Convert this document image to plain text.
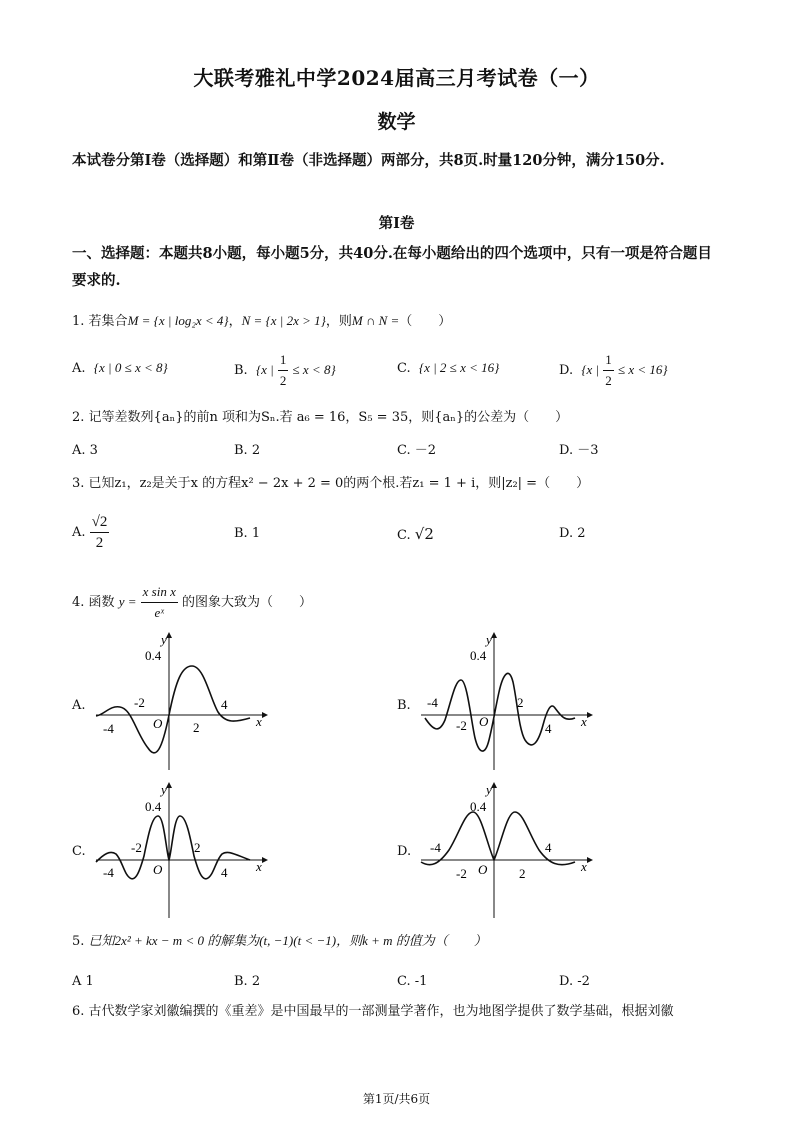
大联考雅礼中学2024届高三月考试卷（一）
数学
本试卷分第Ⅰ卷（选择题）和第Ⅱ卷（非选择题）两部分，共8页.时量120分钟，满分150分.
第Ⅰ卷
一、选择题：本题共8小题，每小题5分，共40分.在每小题给出的四个选项中，只有一项是符合题目要求的.
1. 若集合M = {x | log₂x < 4}，N = {x | 2x > 1}，则M ∩ N =（　　）
A. {x | 0 ≤ x < 8}	B. {x | $\frac{1}{2} \le x < 8$}	C. {x | 2 ≤ x < 16}	D. {x | $\frac{1}{2} \le x < 16$}
2. 记等差数列{aₙ}的前n 项和为Sₙ.若 a₆ = 16，S₅ = 35，则{aₙ}的公差为（　　）
A. 3	B. 2	C. －2	D. －3
3. 已知z₁，z₂是关于x 的方程x² − 2x + 2 = 0的两个根.若z₁ = 1 + i，则|z₂| =（　　）
A. $\frac{√2}{2}$	B. 1	C. √2	D. 2
4. 函数 $y = \frac{\text{x sin x}}{\text{eˣ}}$ 的图象大致为（　　）
A.	B.
C.	D.
0.4
y
x
O
-4
-2
2
4
0.4
y
x
O
-4
-2
2
4
0.4
y
x
O
-4
-2	2
4
0.4
y
x
O
-4
-2	2
4
5. 已知2x² + kx − m < 0 的解集为(t, −1)(t < −1)，则k + m 的值为（　　）
A 1	B. 2	C. -1	D. -2
6. 古代数学家刘徽编撰的《重差》是中国最早的一部测量学著作，也为地图学提供了数学基础，根据刘徽
第1页/共6页
